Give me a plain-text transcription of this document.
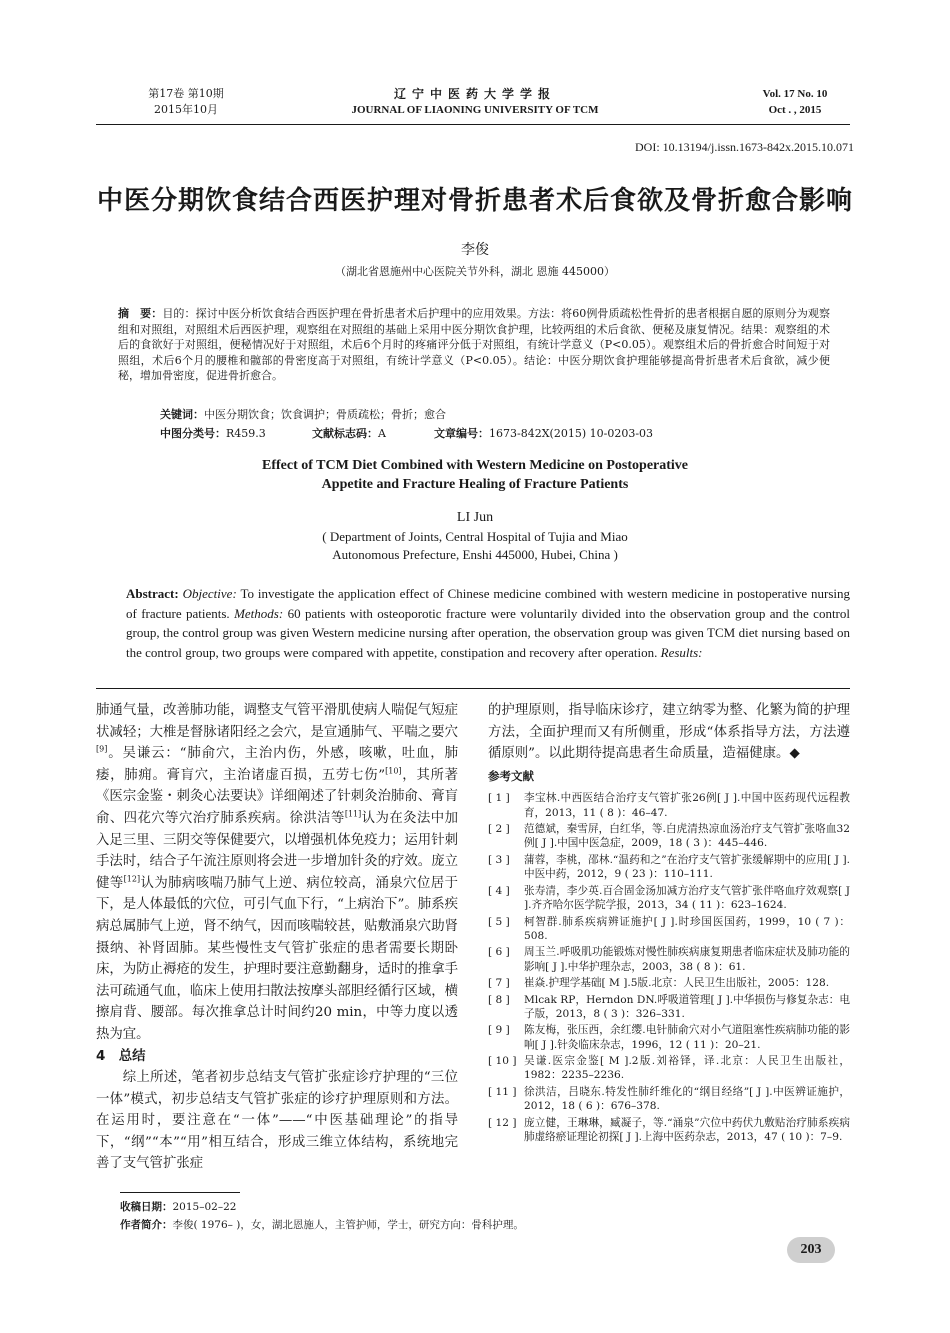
第17卷 第10期
2015年10月
辽宁中医药大学学报
JOURNAL OF LIAONING UNIVERSITY OF TCM
Vol. 17 No. 10
Oct . , 2015
DOI: 10.13194/j.issn.1673-842x.2015.10.071
中医分期饮食结合西医护理对骨折患者术后食欲及骨折愈合影响
李俊
（湖北省恩施州中心医院关节外科，湖北 恩施 445000）
摘　要：目的：探讨中医分析饮食结合西医护理在骨折患者术后护理中的应用效果。方法：将60例骨质疏松性骨折的患者根据自愿的原则分为观察组和对照组，对照组术后西医护理，观察组在对照组的基础上采用中医分期饮食护理，比较两组的术后食欲、便秘及康复情况。结果：观察组的术后的食欲好于对照组，便秘情况好于对照组，术后6个月时的疼痛评分低于对照组，有统计学意义（P<0.05）。观察组术后的骨折愈合时间短于对照组，术后6个月的腰椎和髋部的骨密度高于对照组，有统计学意义（P<0.05）。结论：中医分期饮食护理能够提高骨折患者术后食欲，减少便秘，增加骨密度，促进骨折愈合。
关键词：中医分期饮食；饮食调护；骨质疏松；骨折；愈合
中图分类号：R459.3	文献标志码：A	文章编号：1673-842X(2015) 10-0203-03
Effect of TCM Diet Combined with Western Medicine on Postoperative
Appetite and Fracture Healing of Fracture Patients
LI Jun
( Department of Joints, Central Hospital of Tujia and Miao
Autonomous Prefecture, Enshi 445000, Hubei, China )
Abstract: Objective: To investigate the application effect of Chinese medicine combined with western medicine in postoperative nursing of fracture patients. Methods: 60 patients with osteoporotic fracture were voluntarily divided into the observation group and the control group, the control group was given Western medicine nursing after operation, the observation group was given TCM diet nursing based on the control group, two groups were compared with appetite, constipation and recovery after operation. Results:

肺通气量，改善肺功能，调整支气管平滑肌使病人喘促气短症状减轻；大椎是督脉诸阳经之会穴，是宣通肺气、平喘之要穴[9]。吴谦云：“肺俞穴，主治内伤，外感，咳嗽，吐血，肺痿，肺痈。膏肓穴，主治诸虚百损，五劳七伤”[10]，其所著《医宗金鉴・刺灸心法要诀》详细阐述了针刺灸治肺俞、膏肓俞、四花穴等穴治疗肺系疾病。徐洪洁等[11]认为在灸法中加入足三里、三阴交等保健要穴，以增强机体免疫力；运用针刺手法时，结合子午流注原则将会进一步增加针灸的疗效。庞立健等[12]认为肺病咳喘乃肺气上逆、病位较高，涌泉穴位居于下，是人体最低的穴位，可引气血下行，“上病治下”。肺系疾病总属肺气上逆，肾不纳气，因而咳喘较甚，贴敷涌泉穴助肾摄纳、补肾固肺。某些慢性支气管扩张症的患者需要长期卧床，为防止褥疮的发生，护理时要注意勤翻身，适时的推拿手法可疏通气血，临床上使用扫散法按摩头部胆经循行区域，横擦肩背、腰部。每次推拿总计时间约20 min，中等力度以透热为宜。

4　总结

综上所述，笔者初步总结支气管扩张症诊疗护理的“三位一体”模式，初步总结支气管扩张症的诊疗护理原则和方法。在运用时，要注意在“一体”——“中医基础理论”的指导下，“纲”“本”“用”相互结合，形成三维立体结构，系统地完善了支气管扩张症

的护理原则，指导临床诊疗，建立纳零为整、化繁为简的护理方法，全面护理而又有所侧重，形成“体系指导方法，方法遵循原则”。以此期待提高患者生命质量，造福健康。◆

参考文献
[ 1 ]	李宝林.中西医结合治疗支气管扩张26例[ J ].中国中医药现代远程教育，2013，11 ( 8 )：46–47.
[ 2 ]	范德斌，秦雪屏，白红华，等.白虎清热凉血汤治疗支气管扩张咯血32例[ J ].中国中医急症，2009，18 ( 3 )：445–446.
[ 3 ]	蒲蓉，李桃，邵林.“温药和之”在治疗支气管扩张缓解期中的应用[ J ].中医中药，2012，9 ( 23 )：110–111.
[ 4 ]	张寿清，李少英.百合固金汤加减方治疗支气管扩张伴咯血疗效观察[ J ].齐齐哈尔医学院学报，2013，34 ( 11 )：623–1624.
[ 5 ]	柯智群.肺系疾病辨证施护[ J ].时珍国医国药，1999，10 ( 7 )：508.
[ 6 ]	周玉兰.呼吸肌功能锻炼对慢性肺疾病康复期患者临床症状及肺功能的影响[ J ].中华护理杂志，2003，38 ( 8 )：61.
[ 7 ]	崔焱.护理学基础[ M ].5版.北京：人民卫生出版社，2005：128.
[ 8 ]	Mlcak RP，Herndon DN.呼吸道管理[ J ].中华损伤与修复杂志：电子版，2013，8 ( 3 )：326–331.
[ 9 ]	陈友梅，张压西，余红缨.电针肺俞穴对小气道阻塞性疾病肺功能的影响[ J ].针灸临床杂志，1996，12 ( 11 )：20–21.
[ 10 ] 吴谦.医宗金鉴[ M ].2版.刘裕铎，译.北京：人民卫生出版社，1982：2235–2236.
[ 11 ] 徐洪洁，吕晓东.特发性肺纤维化的“纲目经络”[ J ].中医辨证施护，2012，18 ( 6 )：676–378.
[ 12 ] 庞立健，王琳琳，臧凝子，等.“涌泉”穴位中药伏九敷贴治疗肺系疾病肺虚络瘀证理论初探[ J ].上海中医药杂志，2013，47 ( 10 )：7–9.
收稿日期：2015–02–22
作者简介：李俊( 1976– )，女，湖北恩施人，主管护师，学士，研究方向：骨科护理。
203
